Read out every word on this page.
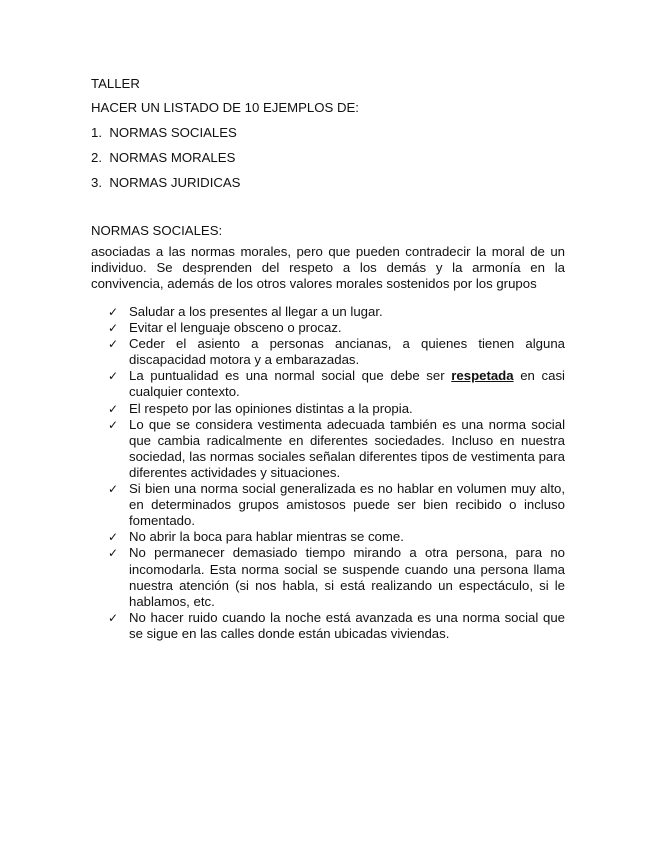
TALLER
HACER UN LISTADO DE 10 EJEMPLOS DE:
1. NORMAS SOCIALES
2. NORMAS MORALES
3. NORMAS JURIDICAS
NORMAS SOCIALES:
asociadas a las normas morales, pero que pueden contradecir la moral de un individuo. Se desprenden del respeto a los demás y la armonía en la convivencia, además de los otros valores morales sostenidos por los grupos
✓ Saludar a los presentes al llegar a un lugar.
✓ Evitar el lenguaje obsceno o procaz.
✓ Ceder el asiento a personas ancianas, a quienes tienen alguna discapacidad motora y a embarazadas.
✓ La puntualidad es una normal social que debe ser respetada en casi cualquier contexto.
✓ El respeto por las opiniones distintas a la propia.
✓ Lo que se considera vestimenta adecuada también es una norma social que cambia radicalmente en diferentes sociedades. Incluso en nuestra sociedad, las normas sociales señalan diferentes tipos de vestimenta para diferentes actividades y situaciones.
✓ Si bien una norma social generalizada es no hablar en volumen muy alto, en determinados grupos amistosos puede ser bien recibido o incluso fomentado.
✓ No abrir la boca para hablar mientras se come.
✓ No permanecer demasiado tiempo mirando a otra persona, para no incomodarla. Esta norma social se suspende cuando una persona llama nuestra atención (si nos habla, si está realizando un espectáculo, si le hablamos, etc.
✓ No hacer ruido cuando la noche está avanzada es una norma social que se sigue en las calles donde están ubicadas viviendas.
